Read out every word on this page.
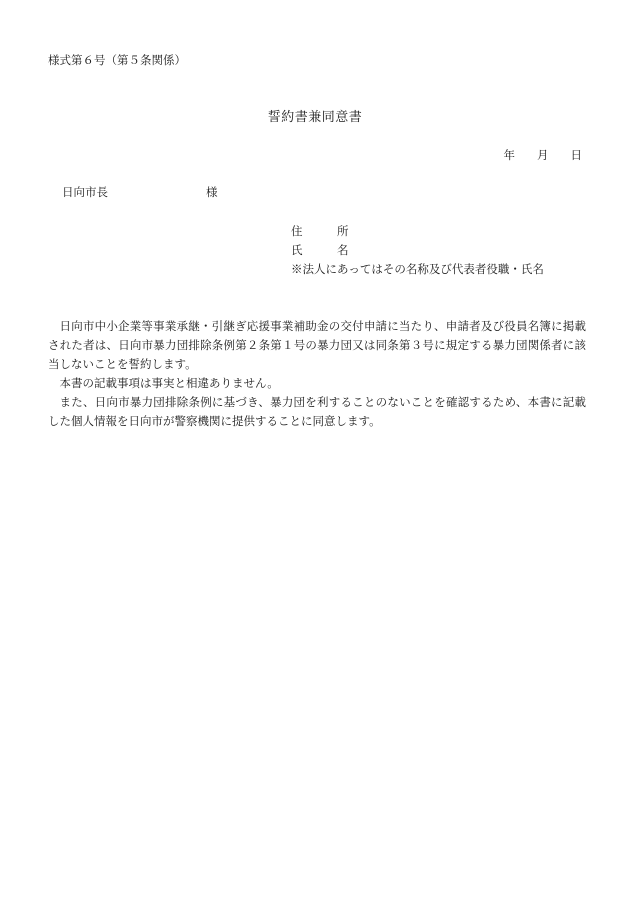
様式第６号（第５条関係）
誓約書兼同意書
年 月 日
日向市長	様
住	所
氏	名
※法人にあってはその名称及び代表者役職・氏名

日向市中小企業等事業承継・引継ぎ応援事業補助金の交付申請に当たり、申請者及び役員名簿に掲載された者は、日向市暴力団排除条例第２条第１号の暴力団又は同条第３号に規定する暴力団関係者に該当しないことを誓約します。

本書の記載事項は事実と相違ありません。

また、日向市暴力団排除条例に基づき、暴力団を利することのないことを確認するため、本書に記載した個人情報を日向市が警察機関に提供することに同意します。
